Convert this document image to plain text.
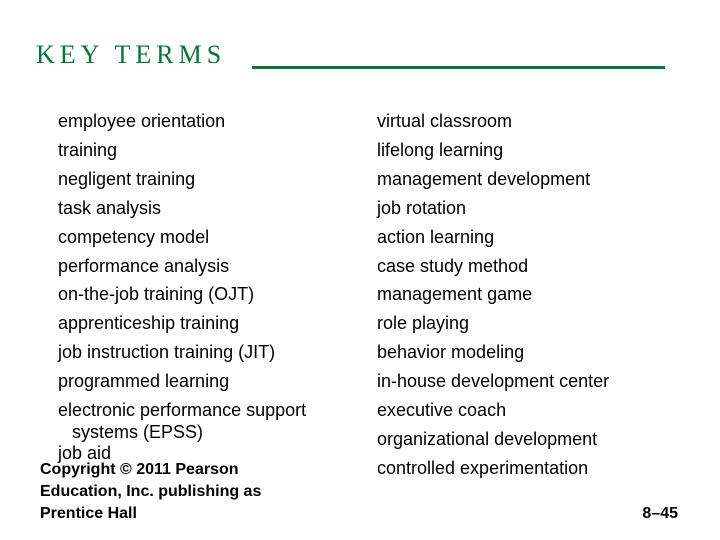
KEY TERMS

employee orientation

training

negligent training

task analysis

competency model

performance analysis

on-the-job training (OJT)

apprenticeship training

job instruction training (JIT)

programmed learning

electronic performance support
systems (EPSS)

job aid

virtual classroom

lifelong learning

management development

job rotation

action learning

case study method

management game

role playing

behavior modeling

in-house development center

executive coach

organizational development

controlled experimentation

Copyright © 2011 Pearson Education, Inc. publishing as Prentice Hall	8–45
